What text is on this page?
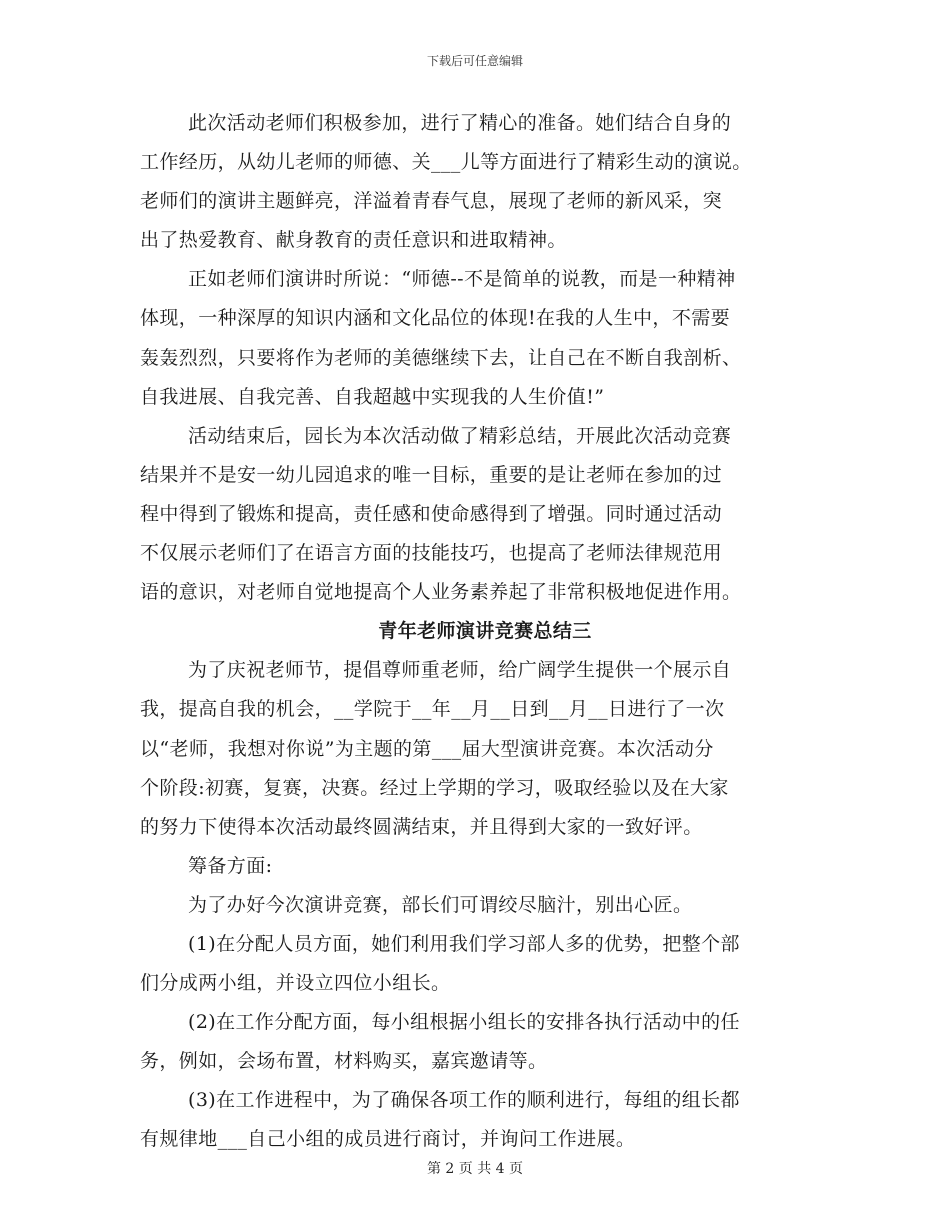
下载后可任意编辑
此次活动老师们积极参加，进行了精心的准备。她们结合自身的
工作经历，从幼儿老师的师德、关___儿等方面进行了精彩生动的演说。
老师们的演讲主题鲜亮，洋溢着青春气息，展现了老师的新风采，突
出了热爱教育、献身教育的责任意识和进取精神。
正如老师们演讲时所说：“师德--不是简单的说教，而是一种精神
体现，一种深厚的知识内涵和文化品位的体现!在我的人生中，不需要
轰轰烈烈，只要将作为老师的美德继续下去，让自己在不断自我剖析、
自我进展、自我完善、自我超越中实现我的人生价值!”
活动结束后，园长为本次活动做了精彩总结，开展此次活动竞赛
结果并不是安一幼儿园追求的唯一目标，重要的是让老师在参加的过
程中得到了锻炼和提高，责任感和使命感得到了增强。同时通过活动
不仅展示老师们了在语言方面的技能技巧，也提高了老师法律规范用
语的意识，对老师自觉地提高个人业务素养起了非常积极地促进作用。
青年老师演讲竞赛总结三
为了庆祝老师节，提倡尊师重老师，给广阔学生提供一个展示自
我，提高自我的机会，__学院于__年__月__日到__月__日进行了一次
以“老师，我想对你说”为主题的第___届大型演讲竞赛。本次活动分
个阶段:初赛，复赛，决赛。经过上学期的学习，吸取经验以及在大家
的努力下使得本次活动最终圆满结束，并且得到大家的一致好评。
筹备方面:
为了办好今次演讲竞赛，部长们可谓绞尽脑汁，别出心匠。
(1)在分配人员方面，她们利用我们学习部人多的优势，把整个部
们分成两小组，并设立四位小组长。
(2)在工作分配方面，每小组根据小组长的安排各执行活动中的任
务，例如，会场布置，材料购买，嘉宾邀请等。
(3)在工作进程中，为了确保各项工作的顺利进行，每组的组长都
有规律地___自己小组的成员进行商讨，并询问工作进展。
第 2 页 共 4 页
